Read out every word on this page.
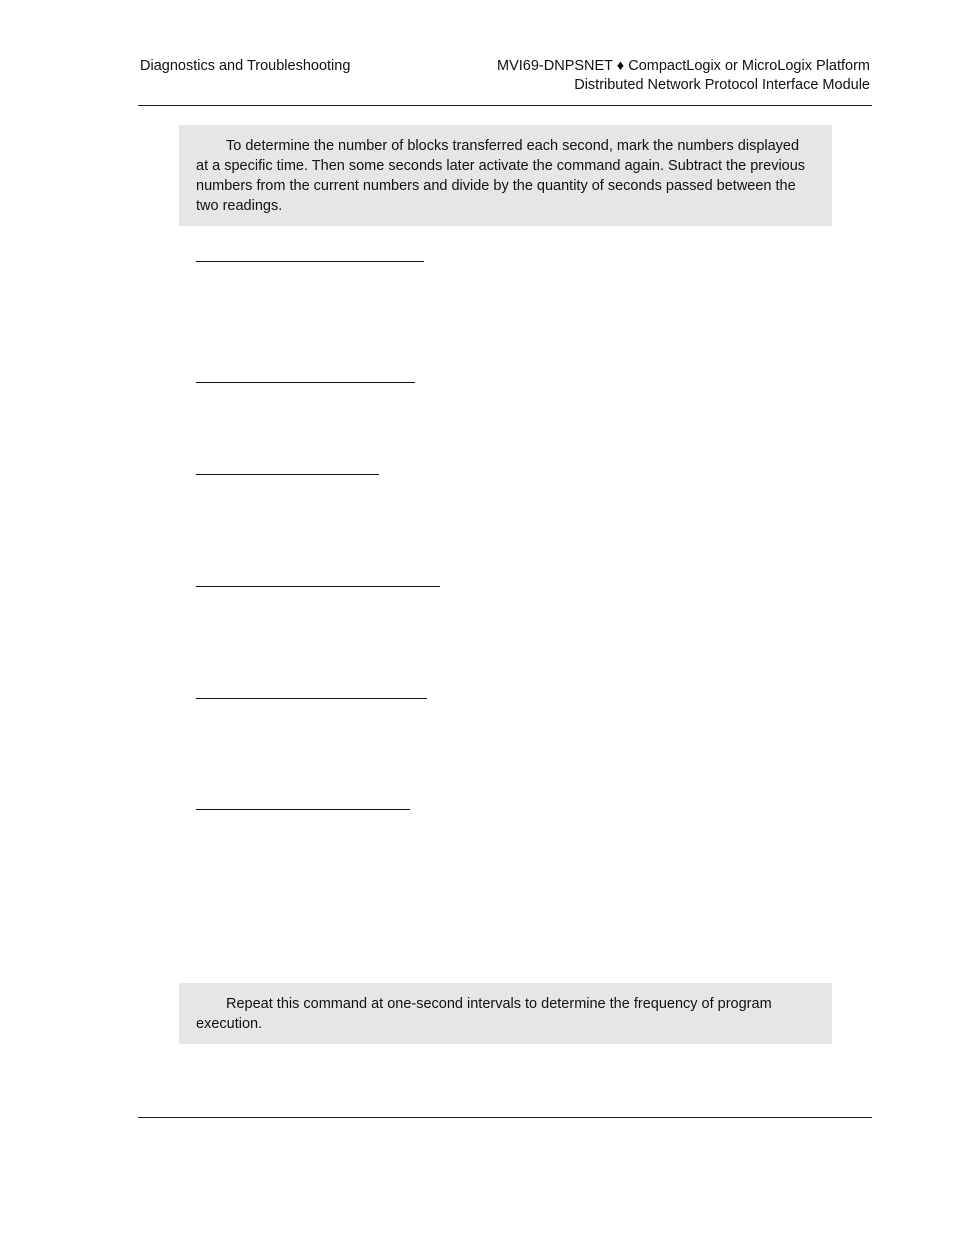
Diagnostics and Troubleshooting	MVI69-DNPSNET ♦ CompactLogix or MicroLogix Platform
Distributed Network Protocol Interface Module

To determine the number of blocks transferred each second, mark the numbers displayed at a specific time. Then some seconds later activate the command again. Subtract the previous numbers from the current numbers and divide by the quantity of seconds passed between the two readings.

Repeat this command at one-second intervals to determine the frequency of program execution.
